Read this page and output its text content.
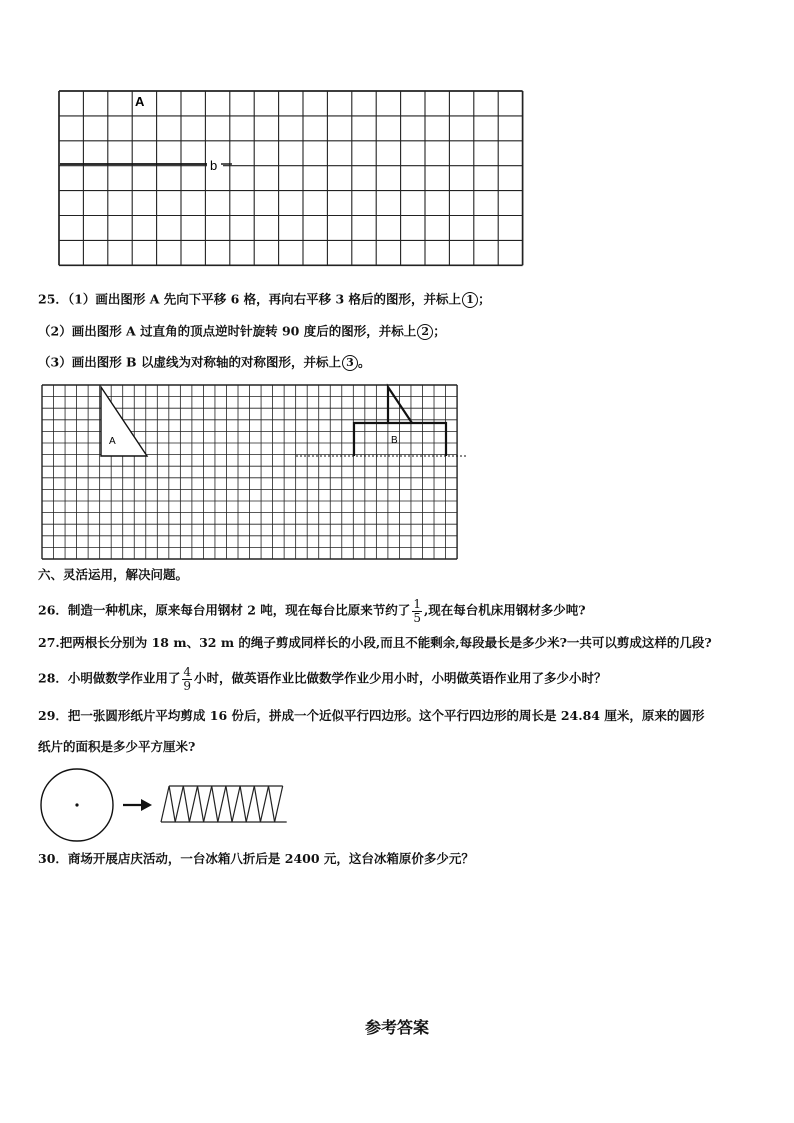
A
b
25．（1）画出图形 A 先向下平移 6 格，再向右平移 3 格后的图形，并标上 1 ；
（2）画出图形 A 过直角的顶点逆时针旋转 90 度后的图形，并标上 2 ；
（3）画出图形 B 以虚线为对称轴的对称图形，并标上 3 。
A	B
六、灵活运用，解决问题。
26．制造一种机床，原来每台用钢材 2 吨，现在每台比原来节约了 $\frac{1}{5}$ ,现在每台机床用钢材多少吨?
27.把两根长分别为 18 m、32 m 的绳子剪成同样长的小段,而且不能剩余,每段最长是多少米?一共可以剪成这样的几段?
28．小明做数学作业用了 $\frac{4}{9}$ 小时，做英语作业比做数学作业少用小时，小明做英语作业用了多少小时？
29．把一张圆形纸片平均剪成 16 份后，拼成一个近似平行四边形。这个平行四边形的周长是 24.84 厘米，原来的圆形
纸片的面积是多少平方厘米?
30．商场开展店庆活动，一台冰箱八折后是 2400 元，这台冰箱原价多少元？
参考答案
